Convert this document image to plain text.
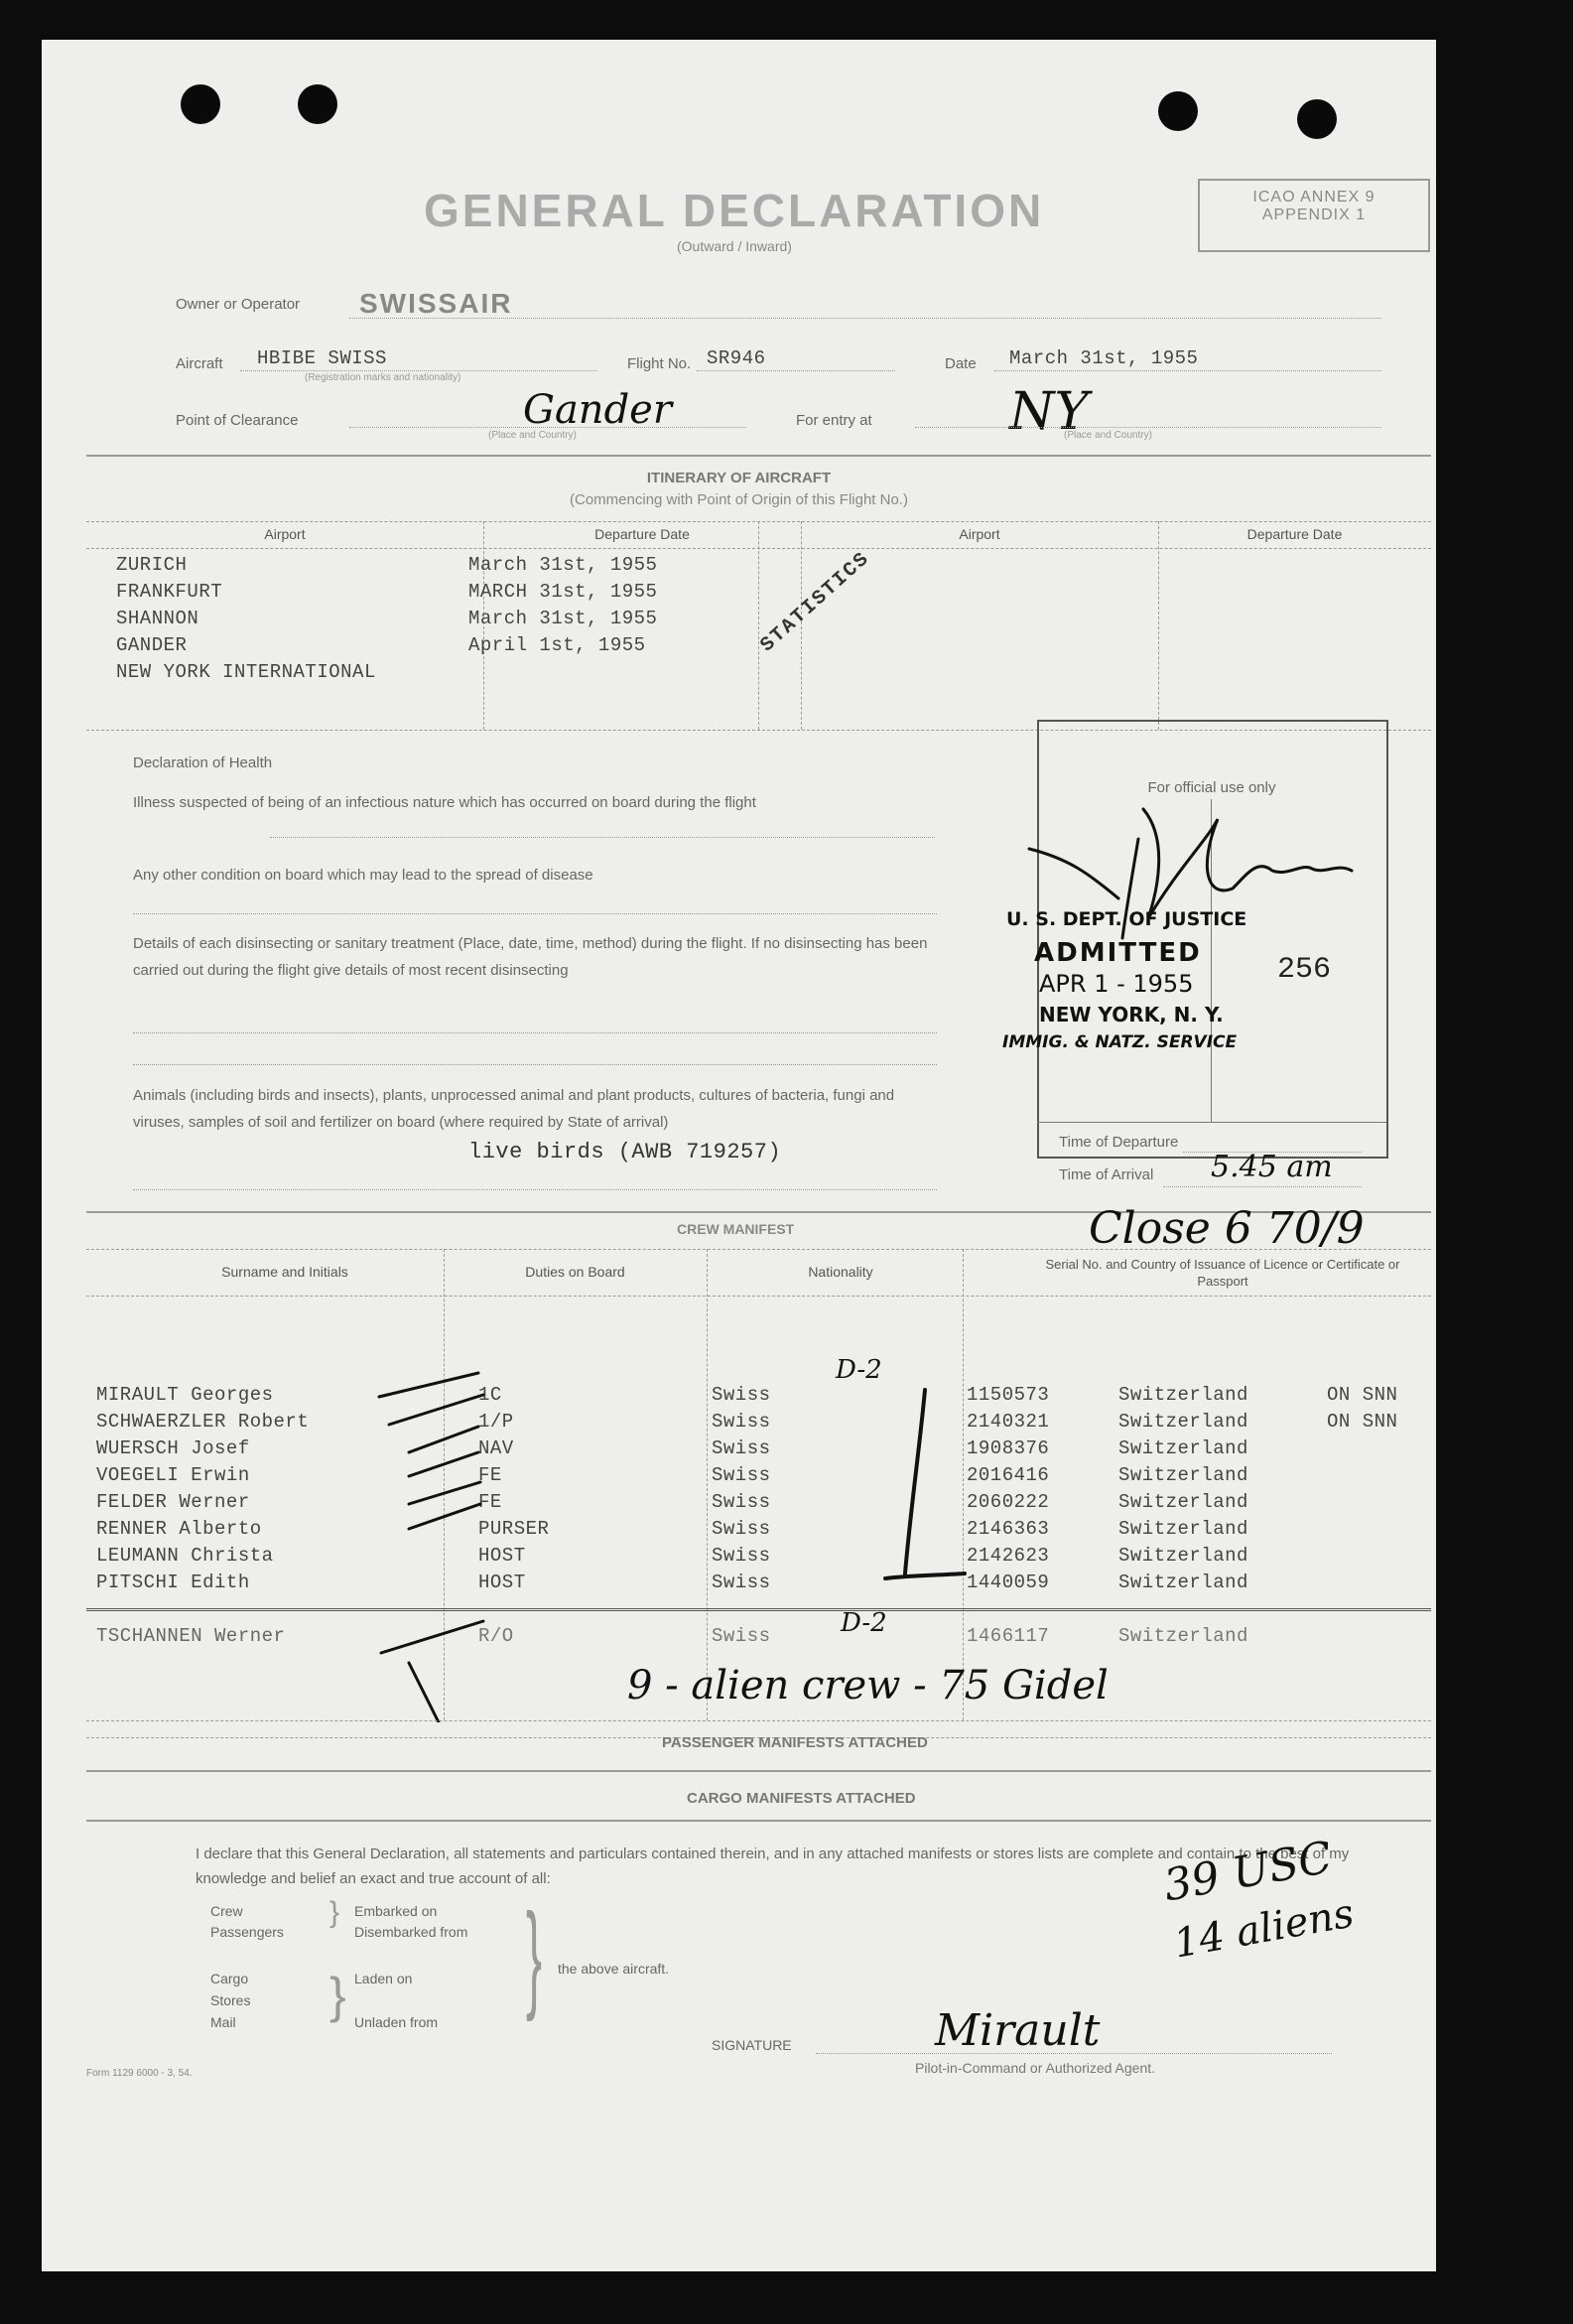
GENERAL DECLARATION
(Outward / Inward)
ICAO ANNEX 9
APPENDIX 1
Owner or Operator SWISSAIR
Aircraft HBIBE SWISS
(Registration marks and nationality)
Flight No. SR946	Date March 31st, 1955
Point of Clearance	Gander
(Place and Country)
For entry at	NY
(Place and Country)
ITINERARY OF AIRCRAFT
(Commencing with Point of Origin of this Flight No.)
Airport	Departure Date	Airport	Departure Date
ZURICH	March 31st, 1955
FRANKFURT	MARCH 31st, 1955
SHANNON	March 31st, 1955
GANDER	April 1st, 1955
NEW YORK INTERNATIONAL
STATISTICS
Declaration of Health
Illness suspected of being of an infectious nature which has occurred on board during the flight
Any other condition on board which may lead to the spread of disease
Details of each disinsecting or sanitary treatment (Place, date, time, method) during the flight. If no disinsecting has been carried out during the flight give details of most recent disinsecting
Animals (including birds and insects), plants, unprocessed animal and plant products, cultures of bacteria, fungi and viruses, samples of soil and fertilizer on board (where required by State of arrival)
live birds (AWB 719257)
For official use only
U. S. DEPT. OF JUSTICE
ADMITTED
APR 1 - 1955
NEW YORK, N. Y.
IMMIG. & NATZ. SERVICE
256
Time of Departure
Time of Arrival 5.45 am
CREW MANIFEST	Close 6 70/9
Surname and Initials	Duties on Board	Nationality	Serial No. and Country of Issuance of Licence or Certificate or Passport
MIRAULT Georges	1C	Swiss	1150573	Switzerland	ON SNN
SCHWAERZLER Robert	1/P	Swiss	2140321	Switzerland	ON SNN
WUERSCH Josef	NAV	Swiss	1908376	Switzerland
VOEGELI Erwin	FE	Swiss	2016416	Switzerland
FELDER Werner	FE	Swiss	2060222	Switzerland
RENNER Alberto	PURSER	Swiss	2146363	Switzerland
LEUMANN Christa	HOST	Swiss	2142623	Switzerland
PITSCHI Edith	HOST	Swiss	1440059	Switzerland
TSCHANNEN Werner	R/O	Swiss	1466117	Switzerland
D-2
D-2
9 - alien crew - 75 Gidel
PASSENGER MANIFESTS ATTACHED
CARGO MANIFESTS ATTACHED
I declare that this General Declaration, all statements and particulars contained therein, and in any attached manifests or stores lists are complete and contain to the best of my knowledge and belief an exact and true account of all:
Crew
Passengers
Cargo
Stores
Mail
}
}
Embarked on
Disembarked from
Laden on
Unladen from } the above aircraft.
39 USC
14 aliens
SIGNATURE	Mirault
Pilot-in-Command or Authorized Agent.
Form 1129 6000 - 3, 54.
